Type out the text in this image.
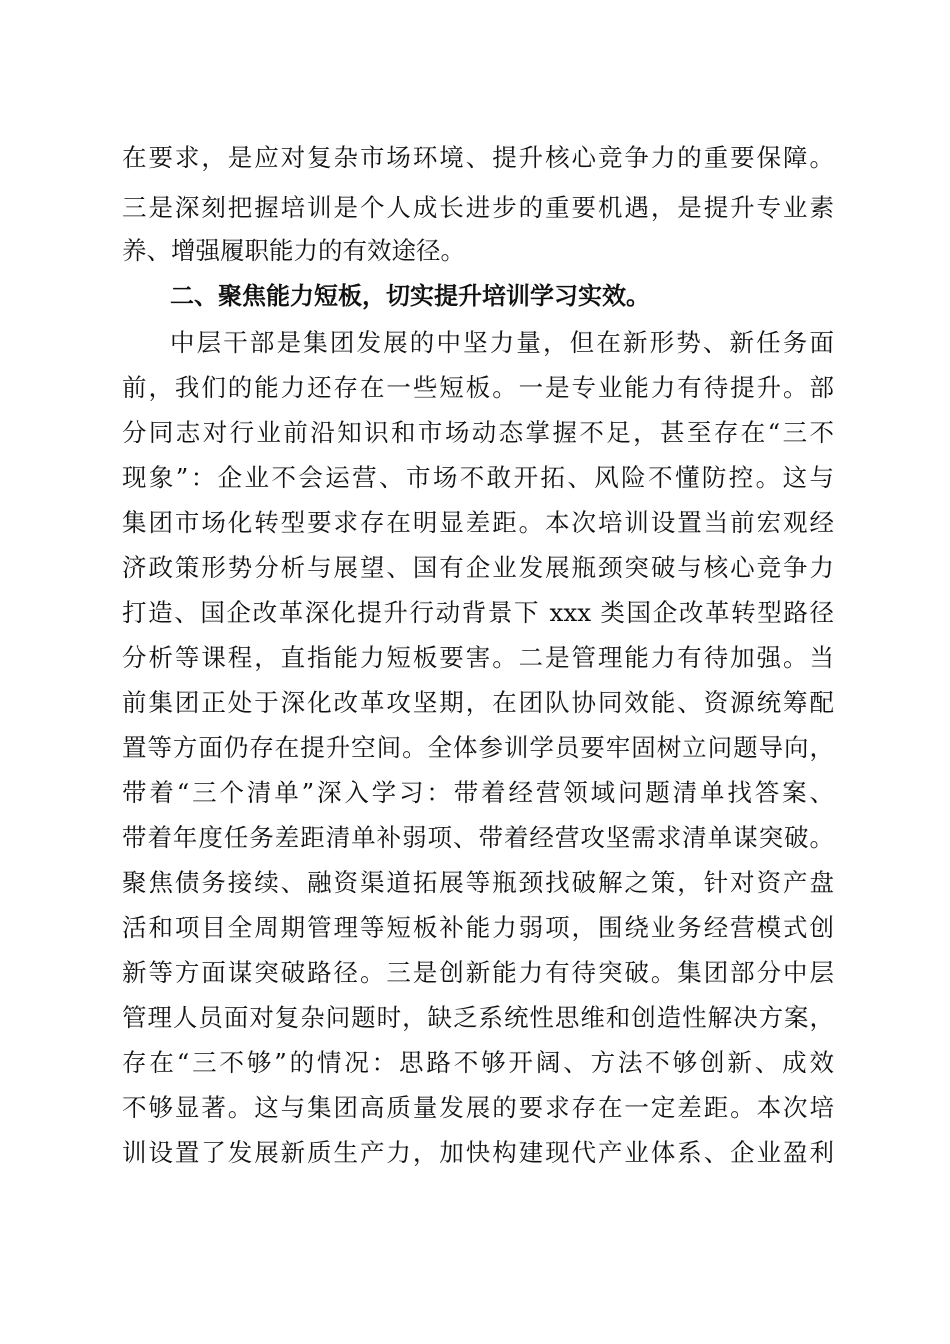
在要求，是应对复杂市场环境、提升核心竞争力的重要保障。
三是深刻把握培训是个人成长进步的重要机遇，是提升专业素
养、增强履职能力的有效途径。
二、聚焦能力短板，切实提升培训学习实效。
中层干部是集团发展的中坚力量，但在新形势、新任务面
前，我们的能力还存在一些短板。一是专业能力有待提升。部
分同志对行业前沿知识和市场动态掌握不足，甚至存在“三不
现象”：企业不会运营、市场不敢开拓、风险不懂防控。这与
集团市场化转型要求存在明显差距。本次培训设置当前宏观经
济政策形势分析与展望、国有企业发展瓶颈突破与核心竞争力
打造、国企改革深化提升行动背景下 xxx 类国企改革转型路径
分析等课程，直指能力短板要害。二是管理能力有待加强。当
前集团正处于深化改革攻坚期，在团队协同效能、资源统筹配
置等方面仍存在提升空间。全体参训学员要牢固树立问题导向，
带着“三个清单”深入学习：带着经营领域问题清单找答案、
带着年度任务差距清单补弱项、带着经营攻坚需求清单谋突破。
聚焦债务接续、融资渠道拓展等瓶颈找破解之策，针对资产盘
活和项目全周期管理等短板补能力弱项，围绕业务经营模式创
新等方面谋突破路径。三是创新能力有待突破。集团部分中层
管理人员面对复杂问题时，缺乏系统性思维和创造性解决方案，
存在“三不够”的情况：思路不够开阔、方法不够创新、成效
不够显著。这与集团高质量发展的要求存在一定差距。本次培
训设置了发展新质生产力，加快构建现代产业体系、企业盈利
